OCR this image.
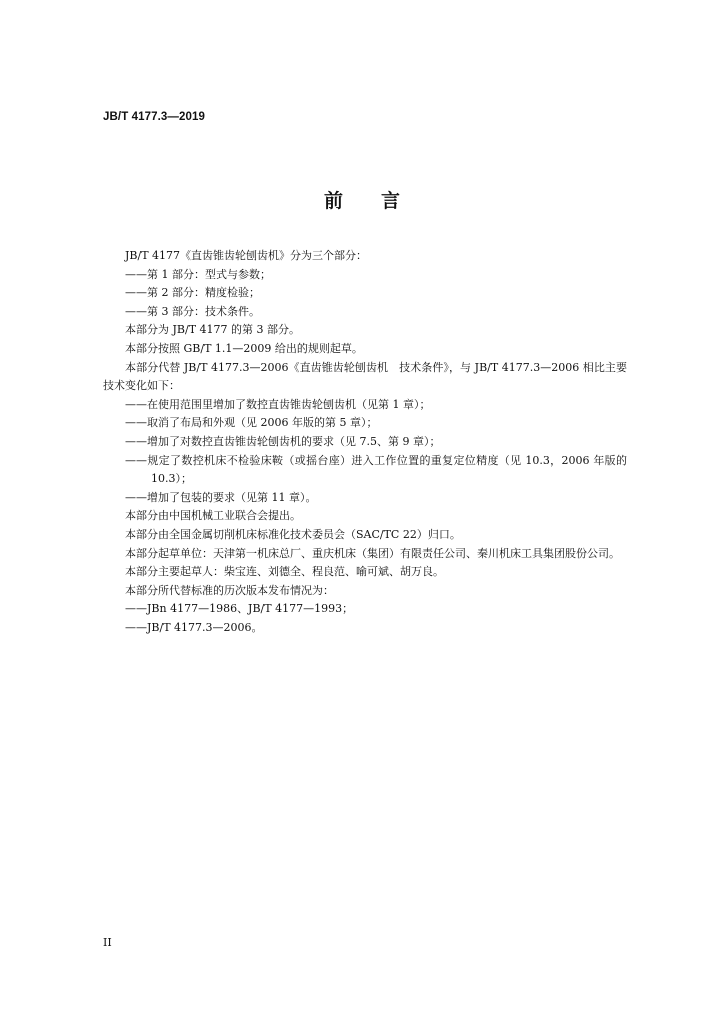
JB/T 4177.3—2019
前言

JB/T 4177《直齿锥齿轮刨齿机》分为三个部分：

——第 1 部分：型式与参数；

——第 2 部分：精度检验；

——第 3 部分：技术条件。

本部分为 JB/T 4177 的第 3 部分。

本部分按照 GB/T 1.1—2009 给出的规则起草。

本部分代替 JB/T 4177.3—2006《直齿锥齿轮刨齿机　技术条件》，与 JB/T 4177.3—2006 相比主要技术变化如下：

——在使用范围里增加了数控直齿锥齿轮刨齿机（见第 1 章）；

——取消了布局和外观（见 2006 年版的第 5 章）；

——增加了对数控直齿锥齿轮刨齿机的要求（见 7.5、第 9 章）；

——规定了数控机床不检验床鞍（或摇台座）进入工作位置的重复定位精度（见 10.3，2006 年版的 10.3）；

——增加了包装的要求（见第 11 章）。

本部分由中国机械工业联合会提出。

本部分由全国金属切削机床标准化技术委员会（SAC/TC 22）归口。

本部分起草单位：天津第一机床总厂、重庆机床（集团）有限责任公司、秦川机床工具集团股份公司。

本部分主要起草人：柴宝连、刘德全、程良范、喻可斌、胡万良。

本部分所代替标准的历次版本发布情况为：

——JBn 4177—1986、JB/T 4177—1993；

——JB/T 4177.3—2006。

II
